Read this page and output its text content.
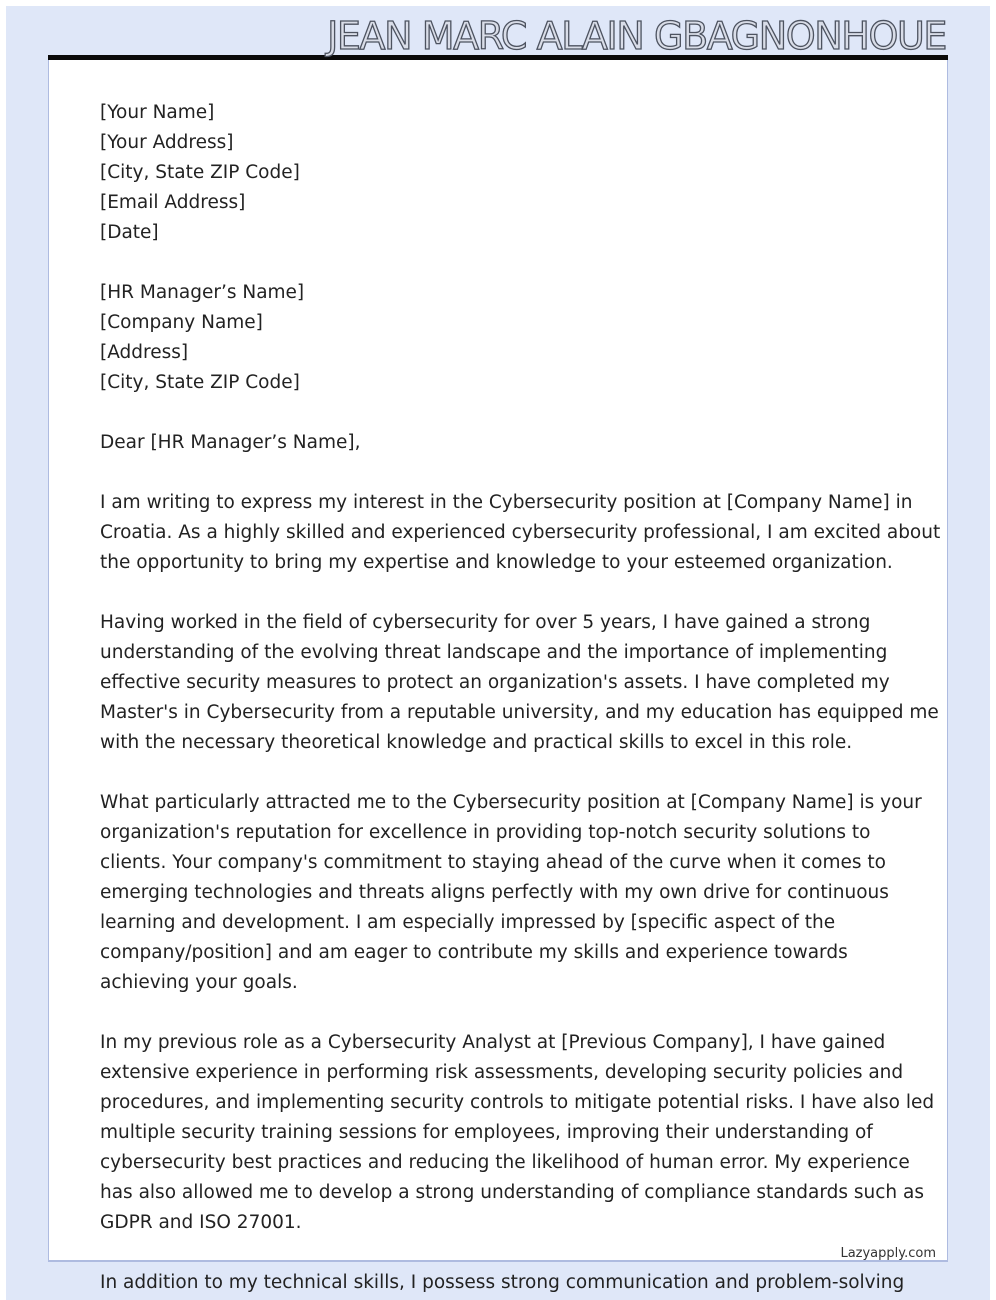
JEAN MARC ALAIN GBAGNONHOUE
[Your Name]
[Your Address]
[City, State ZIP Code]
[Email Address]
[Date]
[HR Manager’s Name]
[Company Name]
[Address]
[City, State ZIP Code]
Dear [HR Manager’s Name],
I am writing to express my interest in the Cybersecurity position at [Company Name] in
Croatia. As a highly skilled and experienced cybersecurity professional, I am excited about
the opportunity to bring my expertise and knowledge to your esteemed organization.
Having worked in the field of cybersecurity for over 5 years, I have gained a strong
understanding of the evolving threat landscape and the importance of implementing
effective security measures to protect an organization's assets. I have completed my
Master's in Cybersecurity from a reputable university, and my education has equipped me
with the necessary theoretical knowledge and practical skills to excel in this role.
What particularly attracted me to the Cybersecurity position at [Company Name] is your
organization's reputation for excellence in providing top-notch security solutions to
clients. Your company's commitment to staying ahead of the curve when it comes to
emerging technologies and threats aligns perfectly with my own drive for continuous
learning and development. I am especially impressed by [specific aspect of the
company/position] and am eager to contribute my skills and experience towards
achieving your goals.
In my previous role as a Cybersecurity Analyst at [Previous Company], I have gained
extensive experience in performing risk assessments, developing security policies and
procedures, and implementing security controls to mitigate potential risks. I have also led
multiple security training sessions for employees, improving their understanding of
cybersecurity best practices and reducing the likelihood of human error. My experience
has also allowed me to develop a strong understanding of compliance standards such as
GDPR and ISO 27001.
In addition to my technical skills, I possess strong communication and problem-solving
Lazyapply.com
